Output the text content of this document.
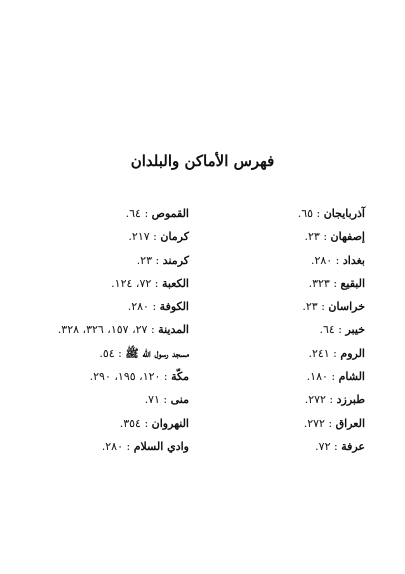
فهرس الأماكن والبلدان
آذربايجان : ٦٥.
إصفهان : ٢٣.
بغداد : ٢٨٠.
البقيع : ٣٢٣.
خراسان : ٢٣.
خيبر : ٦٤.
الروم : ٢٤١.
الشام : ١٨٠.
طبرزد : ٢٧٢.
العراق : ٢٧٢.
عرفة : ٧٢.
القموص : ٦٤.
كرمان : ٢١٧.
كرمند : ٢٣.
الكعبة : ٧٢، ١٢٤.
الكوفة : ٢٨٠.
المدينة : ٢٧، ١٥٧، ٣٢٦، ٣٢٨.
مسجد رسول الله ﷺ : ٥٤.
مكّة : ١٢٠، ١٩٥، ٢٩٠.
منى : ٧١.
النهروان : ٣٥٤.
وادي السلام : ٢٨٠.
